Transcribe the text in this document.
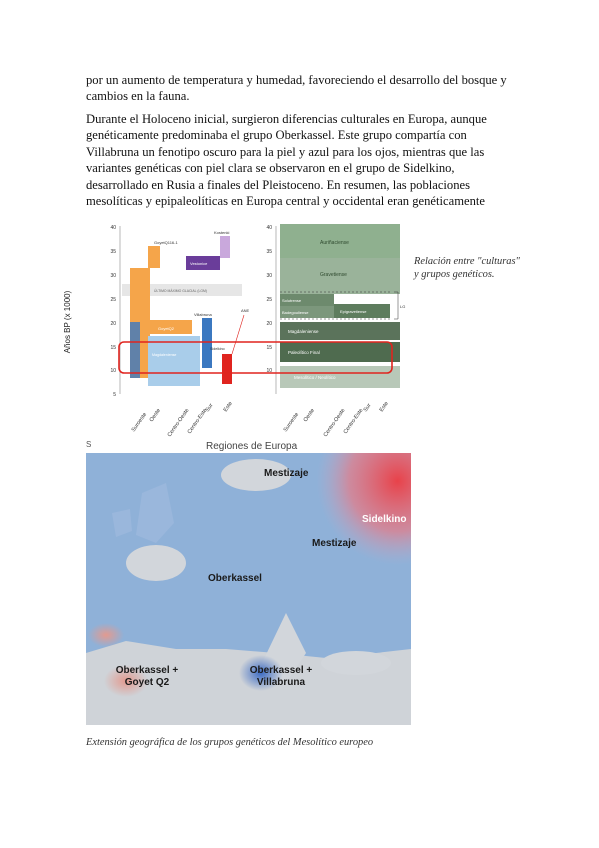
por un aumento de temperatura y humedad, favoreciendo el desarrollo del bosque y cambios en la fauna.

Durante el Holoceno inicial, surgieron diferencias culturales en Europa, aunque genéticamente predominaba el grupo Oberkassel. Este grupo compartía con Villabruna un fenotipo oscuro para la piel y azul para los ojos, mientras que las variantes genéticas con piel clara se observaron en el grupo de Sidelkino, desarrollado en Rusia a finales del Pleistoceno. En resumen, las poblaciones mesolíticas y epipaleolíticas en Europa central y occidental eran genéticamente

Años BP (x 1000)
5
10
15
20
25
30
35
40
ÚLTIMO MÁXIMO GLACIAL (LGM)
GoyetQ116-1
Vestonice
Kostenki
GoyetQ2
Villabruna
Sidelkino
ANE
Magdaleniense
Suroeste Oeste Centro-Oeste
Centro-Este
Sur Este
10
15
20
25
30
35
40
Auriñaciense
Gravetiense
Solutrense
Badegouliense	Epigravetiense
Magdaleniense
Paleolítico Final
Mesolítico / Neolítico
LG
Suroeste Oeste Centro-Oeste
Centro-Este
Sur Este
Relación entre "culturas" y grupos genéticos.
S	Regiones de Europa
Mestizaje
Sidelkino
Mestizaje
Oberkassel
Oberkassel + Goyet Q2
Oberkassel + Villabruna
Extensión geográfica de los grupos genéticos del Mesolítico europeo
